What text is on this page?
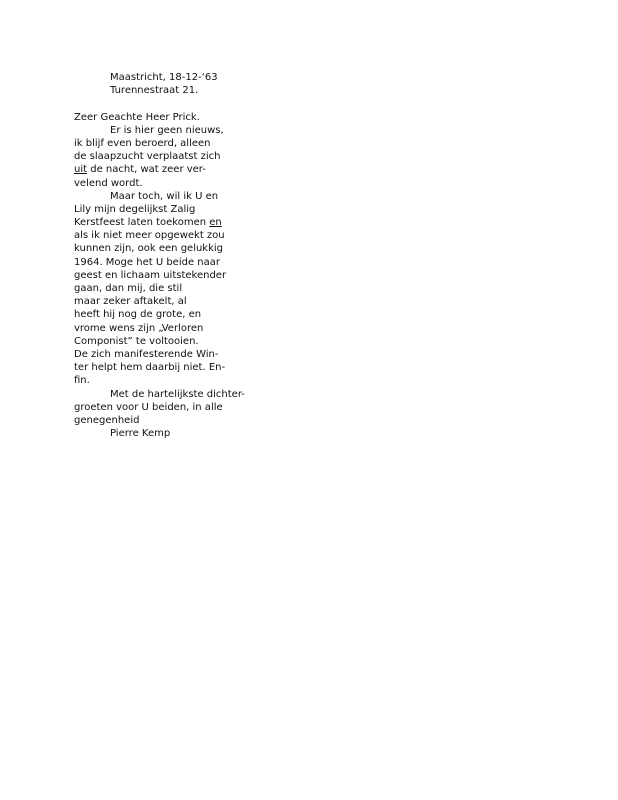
Maastricht, 18-12-‘63
Turennestraat 21.
Zeer Geachte Heer Prick.
Er is hier geen nieuws,
ik blijf even beroerd, alleen
de slaapzucht verplaatst zich
uit de nacht, wat zeer ver-
velend wordt.
Maar toch, wil ik U en
Lily mijn degelijkst Zalig
Kerstfeest laten toekomen en
als ik niet meer opgewekt zou
kunnen zijn, ook een gelukkig
1964. Moge het U beide naar
geest en lichaam uitstekender
gaan, dan mij, die stil
maar zeker aftakelt, al
heeft hij nog de grote, en
vrome wens zijn „Verloren
Componist” te voltooien.
De zich manifesterende Win-
ter helpt hem daarbij niet. En-
fin.
Met de hartelijkste dichter-
groeten voor U beiden, in alle
genegenheid
Pierre Kemp
